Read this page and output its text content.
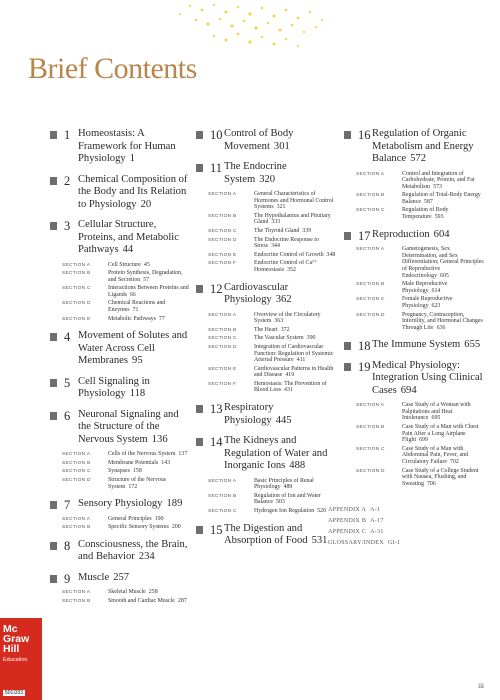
Brief Contents
1 Homeostasis: A Framework for Human Physiology 1
2 Chemical Composition of the Body and Its Relation to Physiology 20
3 Cellular Structure, Proteins, and Metabolic Pathways 44
SECTION A	Cell Structure 45
SECTION B	Protein Synthesis, Degradation, and Secretion 57
SECTION C	Interactions Between Proteins and Ligands 66
SECTION D	Chemical Reactions and Enzymes 71
SECTION E	Metabolic Pathways 77
4 Movement of Solutes and Water Across Cell Membranes 95
5 Cell Signaling in Physiology 118
6 Neuronal Signaling and the Structure of the Nervous System 136
SECTION A	Cells of the Nervous System 137
SECTION B	Membrane Potentials 143
SECTION C	Synapses 158
SECTION D	Structure of the Nervous System 172
7 Sensory Physiology 189
SECTION A	General Principles 190
SECTION B	Specific Sensory Systems 200
8 Consciousness, the Brain, and Behavior 234
9 Muscle 257
SECTION A	Skeletal Muscle 258
SECTION B	Smooth and Cardiac Muscle 287
10 Control of Body Movement 301
11 The Endocrine System 320
SECTION A	General Characteristics of Hormones and Hormonal Control Systems 321
SECTION B	The Hypothalamus and Pituitary Gland 333
SECTION C	The Thyroid Gland 339
SECTION D	The Endocrine Response to Stress 344
SECTION E	Endocrine Control of Growth 348
SECTION F	Endocrine Control of Ca²⁺ Homeostasis 352
12 Cardiovascular Physiology 362
SECTION A	Overview of the Circulatory System 363
SECTION B	The Heart 372
SECTION C	The Vascular System 390
SECTION D	Integration of Cardiovascular Function: Regulation of Systemic Arterial Pressure 411
SECTION E	Cardiovascular Patterns in Health and Disease 419
SECTION F	Hemostasis: The Prevention of Blood Loss 431
13 Respiratory Physiology 445
14 The Kidneys and Regulation of Water and Inorganic Ions 488
SECTION A	Basic Principles of Renal Physiology 489
SECTION B	Regulation of Ion and Water Balance 503
SECTION C	Hydrogen Ion Regulation 520
15 The Digestion and Absorption of Food 531
16 Regulation of Organic Metabolism and Energy Balance 572
SECTION A	Control and Integration of Carbohydrate, Protein, and Fat Metabolism 573
SECTION B	Regulation of Total-Body Energy Balance 587
SECTION C	Regulation of Body Temperature 593
17 Reproduction 604
SECTION A	Gametogenesis, Sex Determination, and Sex Differentiation; General Principles of Reproductive Endocrinology 605
SECTION B	Male Reproductive Physiology 614
SECTION C	Female Reproductive Physiology 623
SECTION D	Pregnancy, Contraception, Infertility, and Hormonal Changes Through Life 636
18 The Immune System 655
19 Medical Physiology: Integration Using Clinical Cases 694
SECTION A	Case Study of a Woman with Palpitations and Heat Intolerance 695
SECTION B	Case Study of a Man with Chest Pain After a Long Airplane Flight 699
SECTION C	Case Study of a Man with Abdominal Pain, Fever, and Circulatory Failure 702
SECTION D	Case Study of a College Student with Nausea, Flushing, and Sweating 706
APPENDIX A A-1
APPENDIX B A-17
APPENDIX C A-31
GLOSSARY/INDEX GI-1
Mc
Graw
Hill
Education
501I333
iii
